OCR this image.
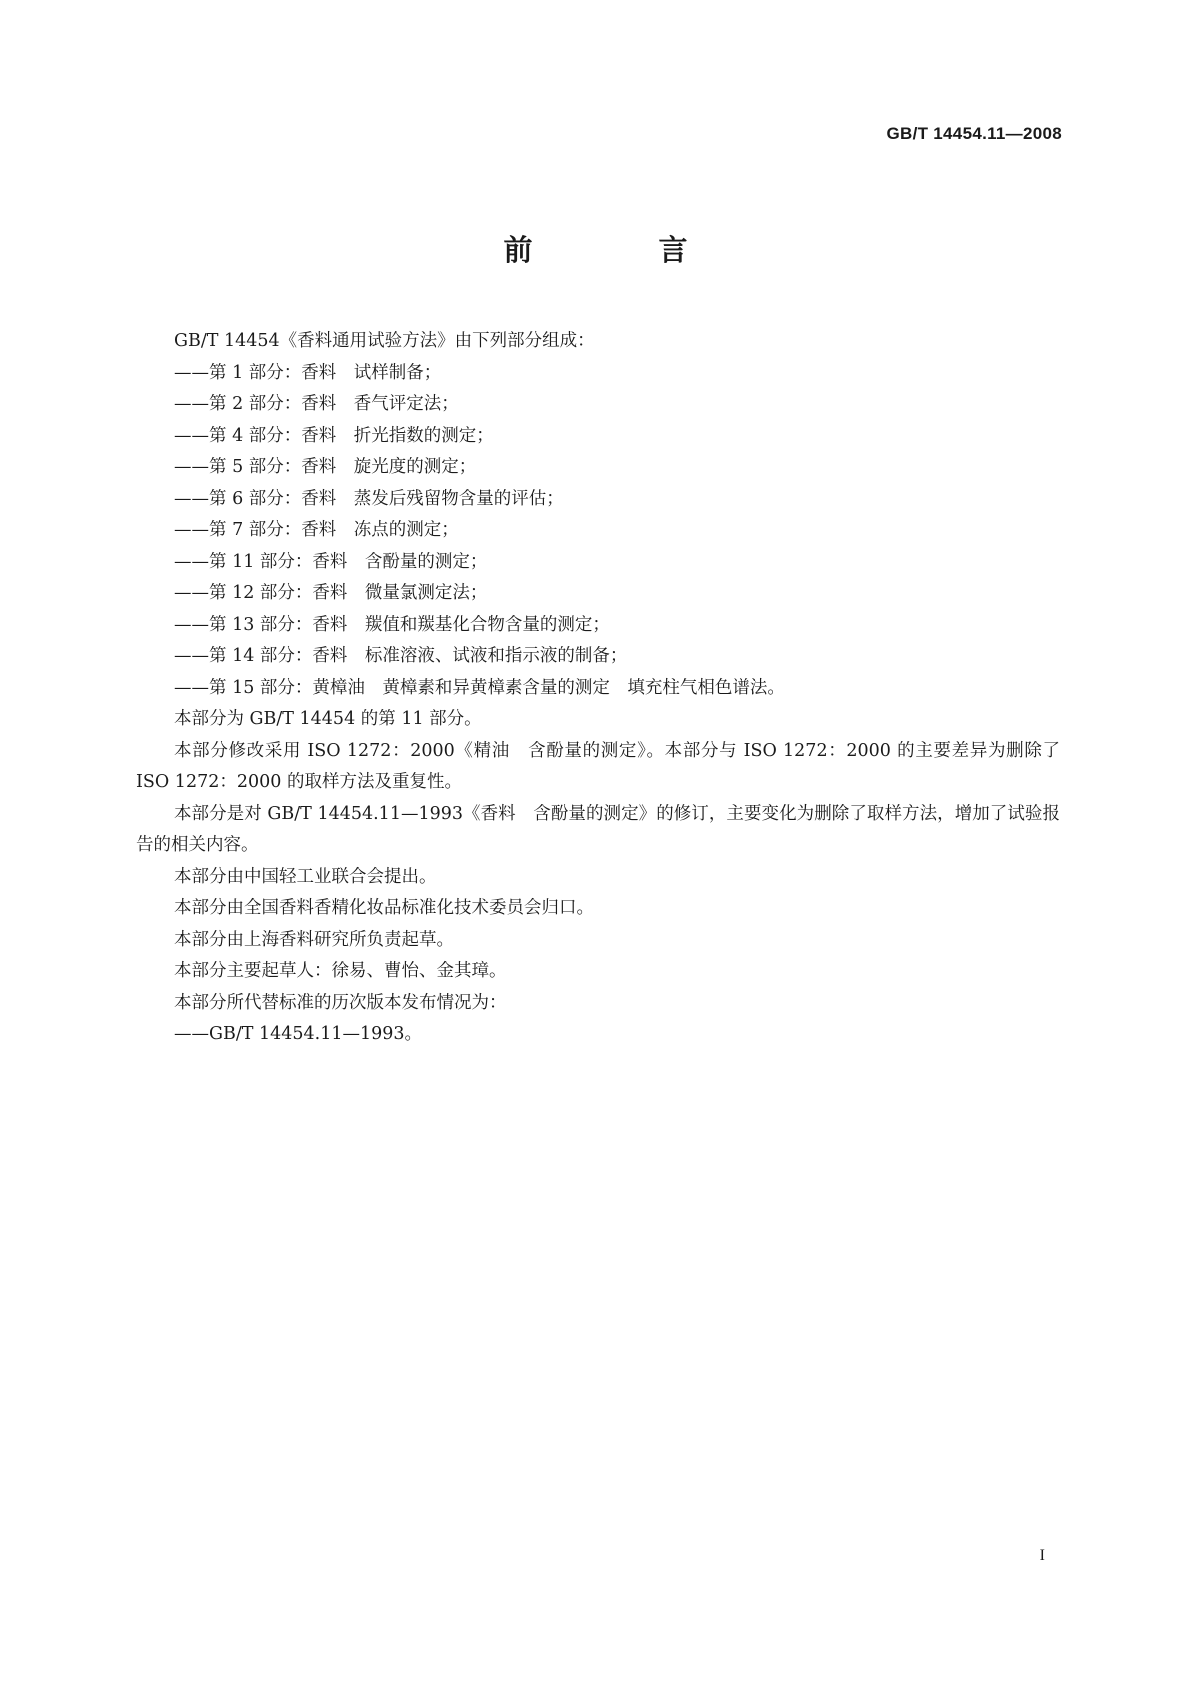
GB/T 14454.11—2008
前 言
GB/T 14454《香料通用试验方法》由下列部分组成：
——第 1 部分：香料　试样制备；
——第 2 部分：香料　香气评定法；
——第 4 部分：香料　折光指数的测定；
——第 5 部分：香料　旋光度的测定；
——第 6 部分：香料　蒸发后残留物含量的评估；
——第 7 部分：香料　冻点的测定；
——第 11 部分：香料　含酚量的测定；
——第 12 部分：香料　微量氯测定法；
——第 13 部分：香料　羰值和羰基化合物含量的测定；
——第 14 部分：香料　标准溶液、试液和指示液的制备；
——第 15 部分：黄樟油　黄樟素和异黄樟素含量的测定　填充柱气相色谱法。

本部分为 GB/T 14454 的第 11 部分。

本部分修改采用 ISO 1272：2000《精油　含酚量的测定》。本部分与 ISO 1272：2000 的主要差异为删除了 ISO 1272：2000 的取样方法及重复性。

本部分是对 GB/T 14454.11—1993《香料　含酚量的测定》的修订，主要变化为删除了取样方法，增加了试验报告的相关内容。

本部分由中国轻工业联合会提出。

本部分由全国香料香精化妆品标准化技术委员会归口。

本部分由上海香料研究所负责起草。

本部分主要起草人：徐易、曹怡、金其璋。

本部分所代替标准的历次版本发布情况为：

——GB/T 14454.11—1993。
I
